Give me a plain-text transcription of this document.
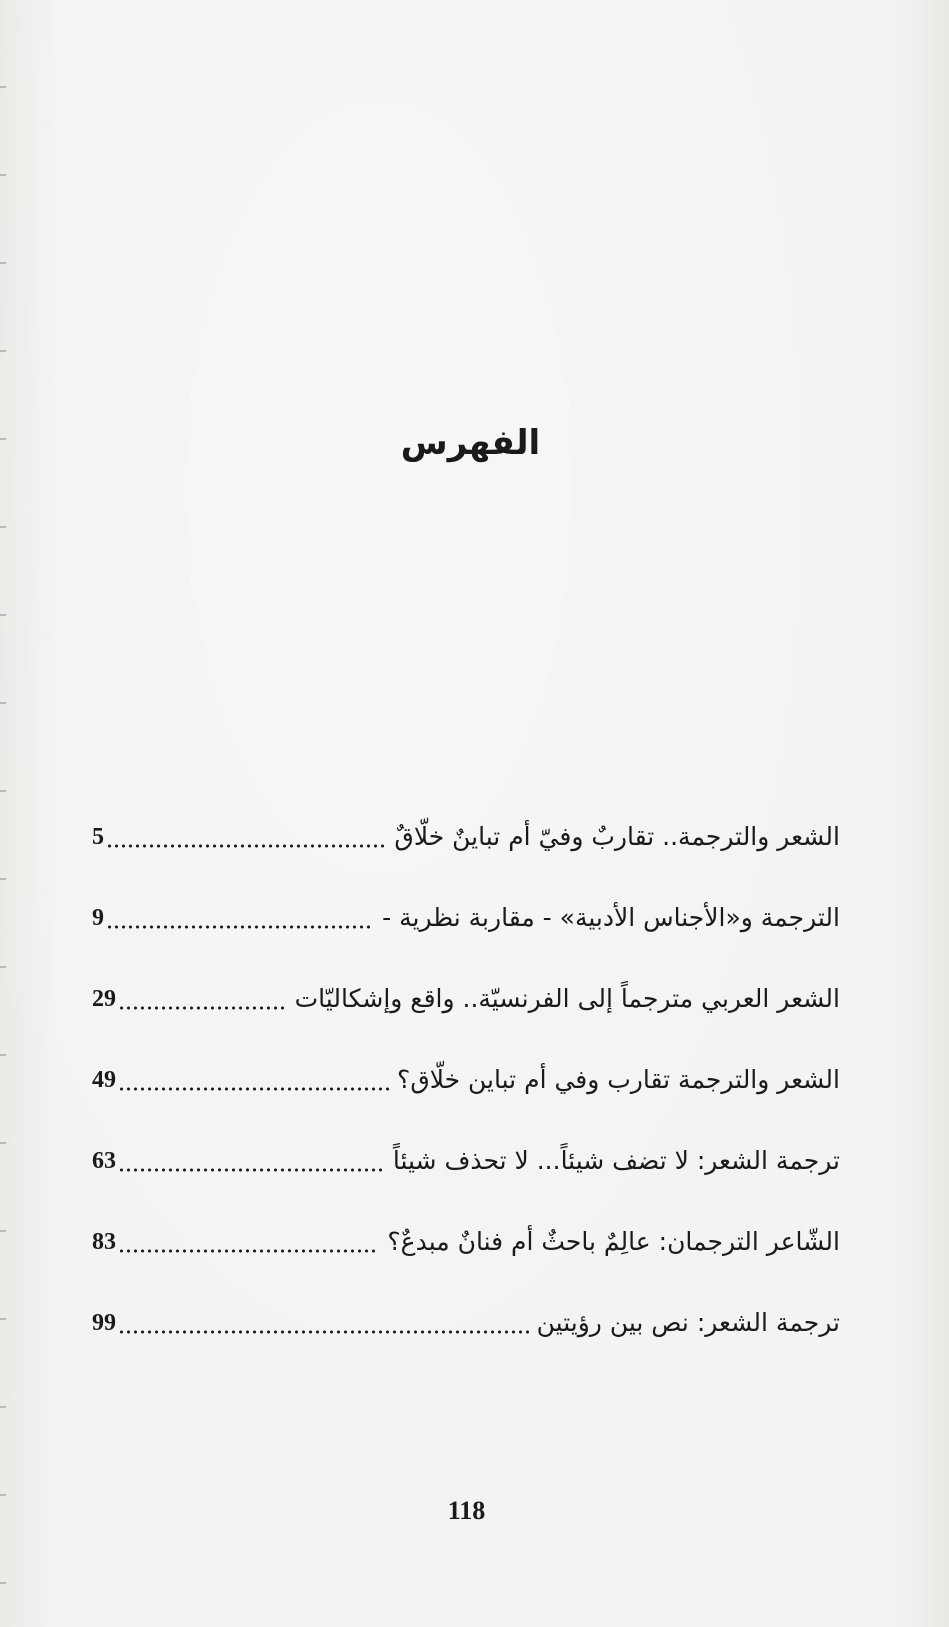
الفهرس
5	الشعر والترجمة.. تقاربٌ وفيّ أم تباينٌ خلّاقٌ
9	الترجمة و«الأجناس الأدبية» - مقاربة نظرية -
29	الشعر العربي مترجماً إلى الفرنسيّة.. واقع وإشكاليّات
49	الشعر والترجمة تقارب وفي أم تباين خلّاق؟
63	ترجمة الشعر: لا تضف شيئاً... لا تحذف شيئاً
83	الشّاعر الترجمان: عالِمٌ باحثٌ أم فنانٌ مبدعٌ؟
99	ترجمة الشعر: نص بين رؤيتين
118
